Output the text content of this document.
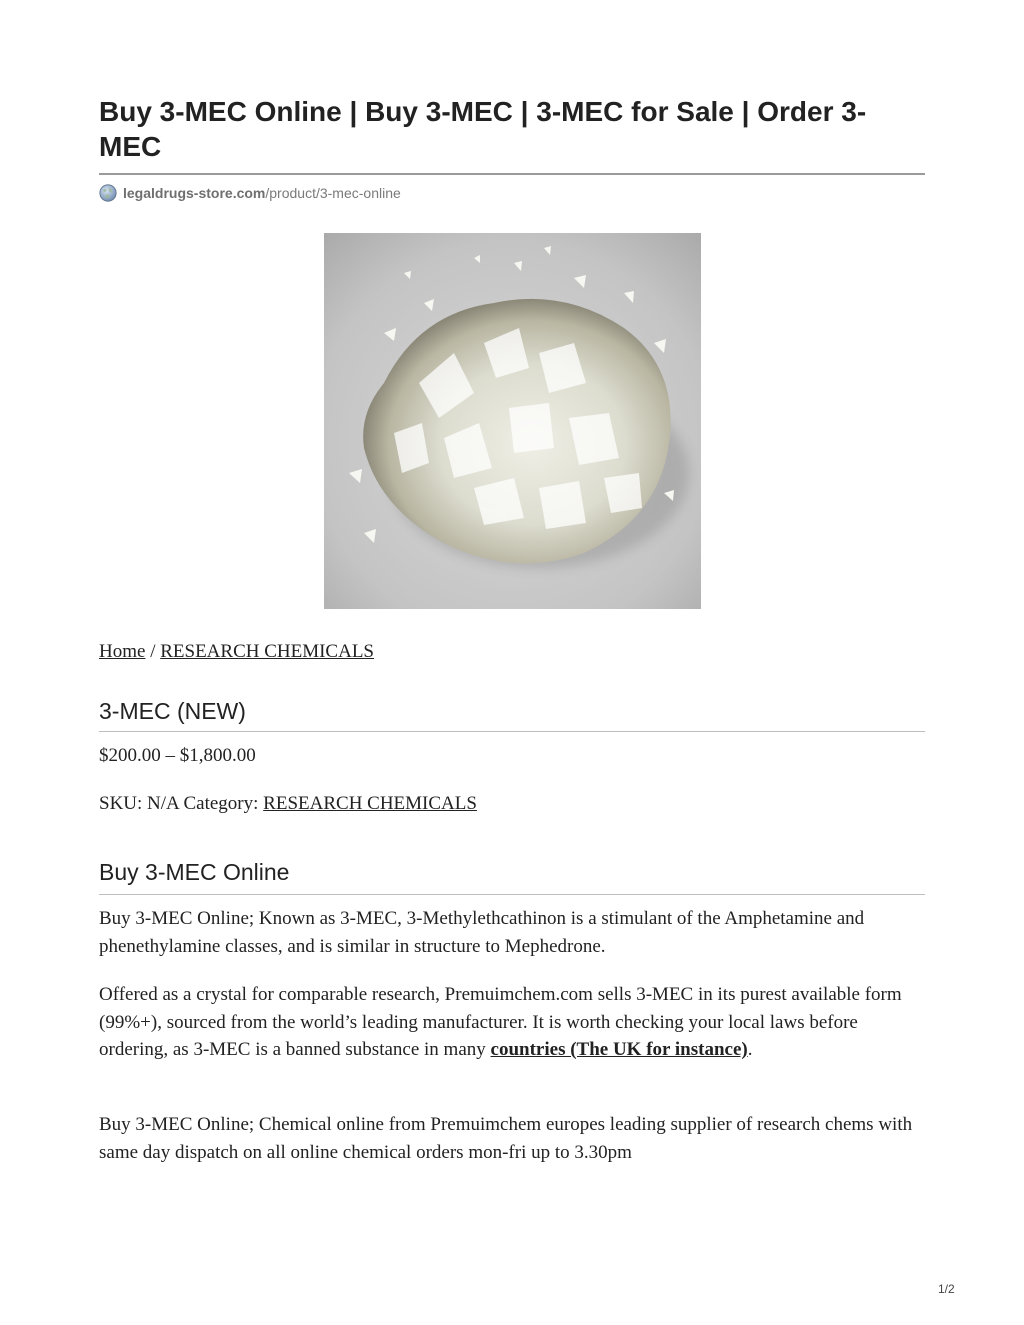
Buy 3-MEC Online | Buy 3-MEC | 3-MEC for Sale | Order 3-MEC
legaldrugs-store.com /product/3-mec-online
Home / RESEARCH CHEMICALS
3-MEC (NEW)
$200.00 – $1,800.00
SKU: N/A Category: RESEARCH CHEMICALS
Buy 3-MEC Online

Buy 3-MEC Online; Known as 3-MEC, 3-Methylethcathinon is a stimulant of the Amphetamine and phenethylamine classes, and is similar in structure to Mephedrone.

Offered as a crystal for comparable research, Premuimchem.com sells 3-MEC in its purest available form (99%+), sourced from the world’s leading manufacturer. It is worth checking your local laws before ordering, as 3-MEC is a banned substance in many countries (The UK for instance).

Buy 3-MEC Online; Chemical online from Premuimchem europes leading supplier of research chems with same day dispatch on all online chemical orders mon-fri up to 3.30pm

1/2
